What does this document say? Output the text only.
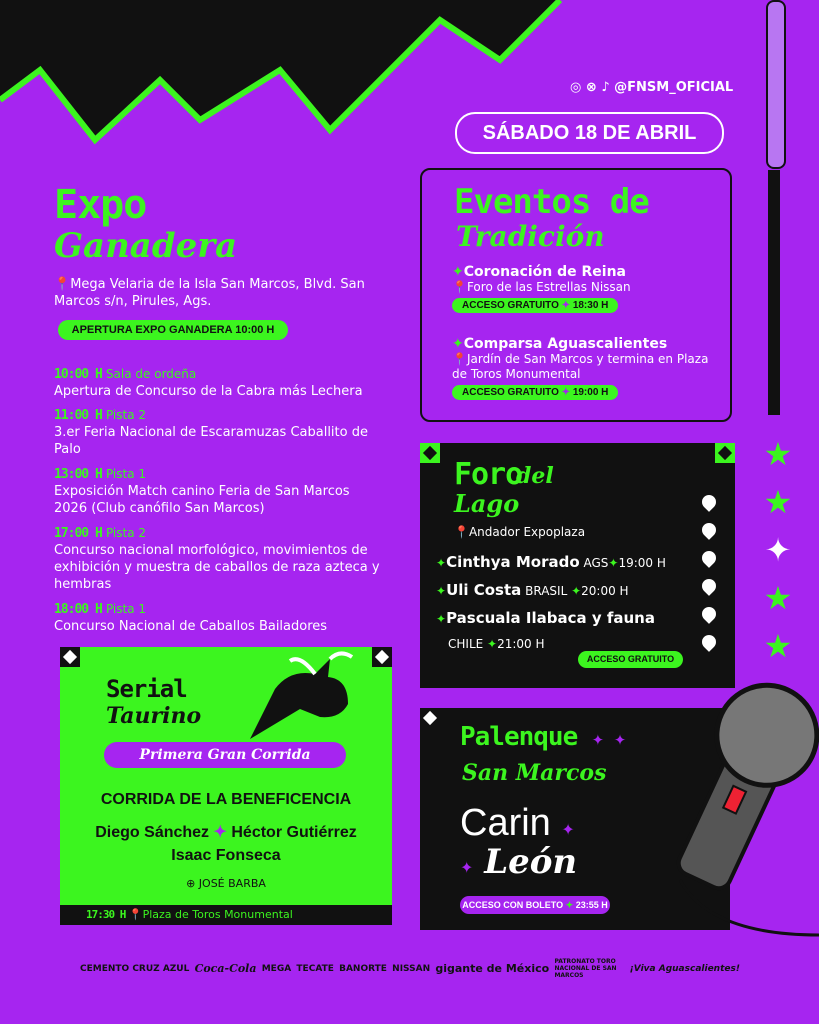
★
★
✦
★
★
◎ ⊗ ♪ @FNSM_OFICIAL
SÁBADO 18 DE ABRIL
Expo
Ganadera
📍Mega Velaria de la Isla San Marcos, Blvd. San Marcos s/n, Pirules, Ags.
APERTURA EXPO GANADERA 10:00 H
10:00 H Sala de ordeña
Apertura de Concurso de la Cabra más Lechera
11:00 H Pista 2
3.er Feria Nacional de Escaramuzas Caballito de Palo
13:00 H Pista 1
Exposición Match canino Feria de San Marcos 2026 (Club canófilo San Marcos)
17:00 H Pista 2
Concurso nacional morfológico, movimientos de exhibición y muestra de caballos de raza azteca y hembras
18:00 H Pista 1
Concurso Nacional de Caballos Bailadores
Eventos de
Tradición
✦Coronación de Reina
📍Foro de las Estrellas Nissan
ACCESO GRATUITO ✦ 18:30 H
✦Comparsa Aguascalientes
📍Jardín de San Marcos y termina en Plaza de Toros Monumental
ACCESO GRATUITO ✦ 19:00 H
Foro
del
Lago
📍Andador Expoplaza
✦Cinthya Morado AGS✦19:00 H
✦Uli Costa BRASIL ✦20:00 H
✦Pascuala Ilabaca y fauna
CHILE ✦21:00 H
ACCESO GRATUITO
Serial
Taurino
Primera Gran Corrida
CORRIDA DE LA BENEFICENCIA
Diego Sánchez ✦ Héctor Gutiérrez
Isaac Fonseca
⊕ JOSÉ BARBA
17:30 H 📍Plaza de Toros Monumental
Palenque ✦ ✦
San Marcos
Carin ✦
✦ León
ACCESO CON BOLETO ✦ 23:55 H
CEMENTO CRUZ AZUL Coca-Cola MEGA TECATE BANORTE NISSAN gigante de México
PATRONATO TORO NACIONAL DE SAN MARCOS
¡Viva Aguascalientes!
